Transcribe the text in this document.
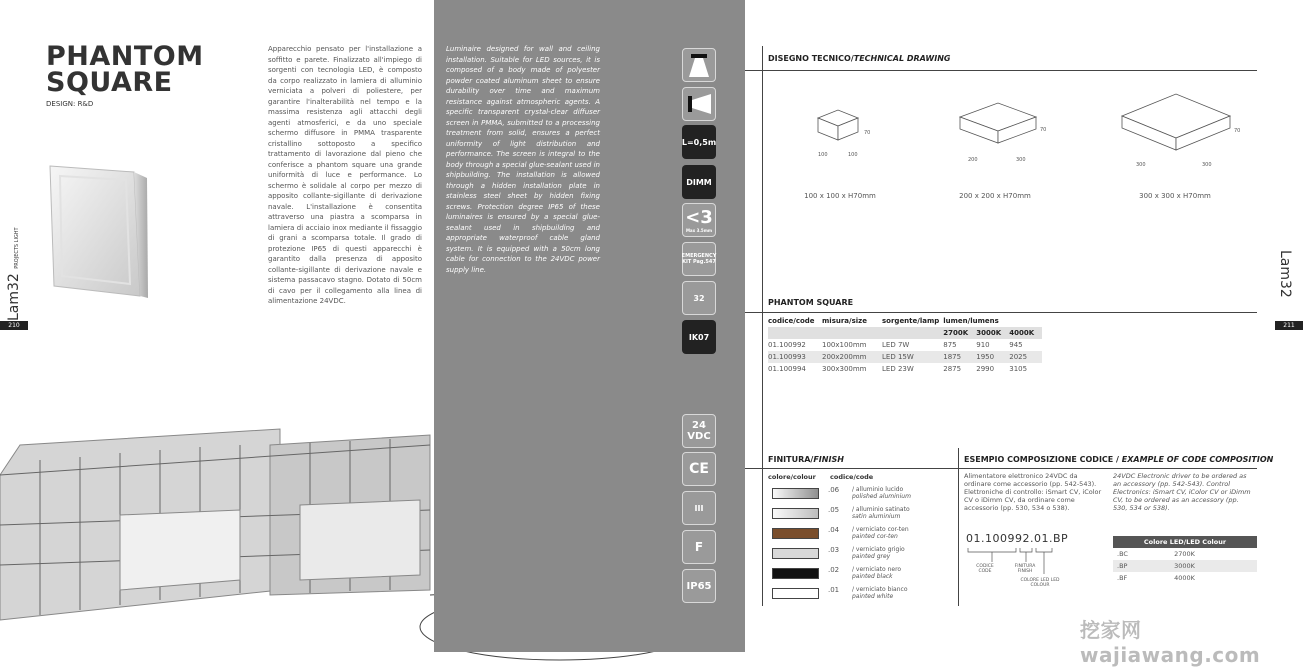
PHANTOM
SQUARE
DESIGN: R&D
Apparecchio pensato per l'installazione a soffitto e parete. Finalizzato all'impiego di sorgenti con tecnologia LED, è composto da corpo realizzato in lamiera di alluminio verniciata a polveri di poliestere, per garantire l'inalterabilità nel tempo e la massima resistenza agli attacchi degli agenti atmosferici, e da uno speciale schermo diffusore in PMMA trasparente cristallino sottoposto a specifico trattamento di lavorazione dal pieno che conferisce a phantom square una grande uniformità di luce e performance. Lo schermo è solidale al corpo per mezzo di apposito collante-sigillante di derivazione navale. L'installazione è consentita attraverso una piastra a scomparsa in lamiera di acciaio inox mediante il fissaggio di grani a scomparsa totale. Il grado di protezione IP65 di questi apparecchi è garantito dalla presenza di apposito collante-sigillante di derivazione navale e sistema passacavo stagno. Dotato di 50cm di cavo per il collegamento alla linea di alimentazione 24VDC.
Lam32 PROJECTS LIGHT
210
Luminaire designed for wall and ceiling installation. Suitable for LED sources, it is composed of a body made of polyester powder coated aluminum sheet to ensure durability over time and maximum resistance against atmospheric agents. A specific transparent crystal-clear diffuser screen in PMMA, submitted to a processing treatment from solid, ensures a perfect uniformity of light distribution and performance. The screen is integral to the body through a special glue-sealant used in shipbuilding. The installation is allowed through a hidden installation plate in stainless steel sheet by hidden fixing screws. Protection degree IP65 of these luminaires is ensured by a special glue-sealant used in shipbuilding and appropriate waterproof cable gland system. It is equipped with a 50cm long cable for connection to the 24VDC power supply line.
L=0,5m
DIMM
<3
Max 3.5mm
EMERGENCY KIT Pag.547
32
IK07
24 VDC
CE
III
F
IP65
DISEGNO TECNICO/TECHNICAL DRAWING
70
100	100
100 x 100 x H70mm
70
200	300
200 x 200 x H70mm
70
300	300
300 x 300 x H70mm
PHANTOM SQUARE
codice/code	misura/size	sorgente/lamp	lumen/lumens		
			2700K	3000K	4000K
01.100992	100x100mm	LED 7W	875	910	945
01.100993	200x200mm	LED 15W	1875	1950	2025
01.100994	300x300mm	LED 23W	2875	2990	3105
FINITURA/FINISH
colore/colour codice/code
.06 / alluminio lucido
polished aluminium
.05 / alluminio satinato
satin aluminium
.04 / verniciato cor-ten
painted cor-ten
.03 / verniciato grigio
painted grey
.02 / verniciato nero
painted black
.01 / verniciato bianco
painted white
ESEMPIO COMPOSIZIONE CODICE / EXAMPLE OF CODE COMPOSITION
Alimentatore elettronico 24VDC da ordinare come accessorio (pp. 542-543). Elettroniche di controllo: iSmart CV, iColor CV o iDimm CV, da ordinare come accessorio (pp. 530, 534 o 538).
24VDC Electronic driver to be ordered as an accessory (pp. 542-543). Control Electronics: iSmart CV, iColor CV or iDimm CV, to be ordered as an accessory (pp. 530, 534 or 538).
01.100992.01.BP
CODICE CODE
FINITURA FINISH
COLORE LED LED COLOUR
Colore LED/LED Colour	
.BC	2700K
.BP	3000K
.BF	4000K
Lam32
211
挖家网 wajiawang.com
